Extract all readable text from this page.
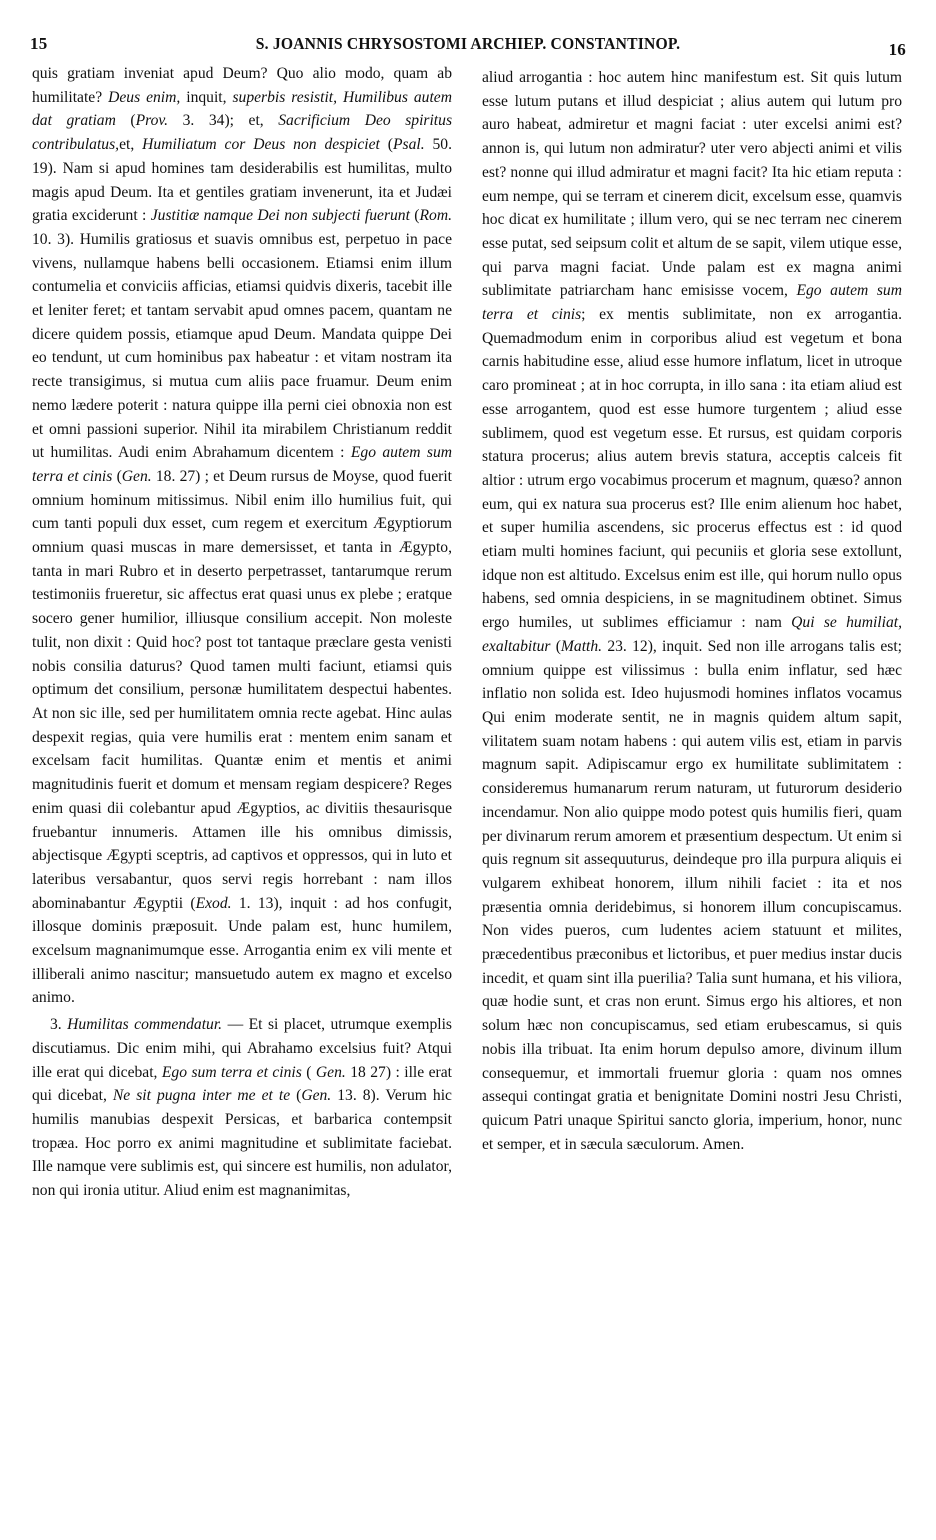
15	S. JOANNIS CHRYSOSTOMI ARCHIEP. CONSTANTINOP.	16

quis gratiam inveniat apud Deum? Quo alio modo, quam ab humilitate? Deus enim, inquit, superbis resistit, Humilibus autem dat gratiam (Prov. 3. 34); et, Sacrificium Deo spiritus contribulatus,et, Humiliatum cor Deus non despiciet (Psal. 50. 19). Nam si apud homines tam desiderabilis est humilitas, multo magis apud Deum. Ita et gentiles gratiam invenerunt, ita et Judæi gratia exciderunt : Justitiæ namque Dei non subjecti fuerunt (Rom. 10. 3). Humilis gratiosus et suavis omnibus est, perpetuo in pace vivens, nullamque habens belli occasionem. Etiamsi enim illum contumelia et conviciis afficias, etiamsi quidvis dixeris, tacebit ille et leniter feret; et tantam servabit apud omnes pacem, quantam ne dicere quidem possis, etiamque apud Deum. Mandata quippe Dei eo tendunt, ut cum hominibus pax habeatur : et vitam nostram ita recte transigimus, si mutua cum aliis pace fruamur. Deum enim nemo lædere poterit : natura quippe illa perni ciei obnoxia non est et omni passioni superior. Nihil ita mirabilem Christianum reddit ut humilitas. Audi enim Abrahamum dicentem : Ego autem sum terra et cinis (Gen. 18. 27) ; et Deum rursus de Moyse, quod fuerit omnium hominum mitissimus. Nibil enim illo humilius fuit, qui cum tanti populi dux esset, cum regem et exercitum Ægyptiorum omnium quasi muscas in mare demersisset, et tanta in Ægypto, tanta in mari Rubro et in deserto perpetrasset, tantarumque rerum testimoniis frueretur, sic affectus erat quasi unus ex plebe ; eratque socero gener humilior, illiusque consilium accepit. Non moleste tulit, non dixit : Quid hoc? post tot tantaque præclare gesta venisti nobis consilia daturus? Quod tamen multi faciunt, etiamsi quis optimum det consilium, personæ humilitatem despectui habentes. At non sic ille, sed per humilitatem omnia recte agebat. Hinc aulas despexit regias, quia vere humilis erat : mentem enim sanam et excelsam facit humilitas. Quantæ enim et mentis et animi magnitudinis fuerit et domum et mensam regiam despicere? Reges enim quasi dii colebantur apud Ægyptios, ac divitiis thesaurisque fruebantur innumeris. Attamen ille his omnibus dimissis, abjectisque Ægypti sceptris, ad captivos et oppressos, qui in luto et lateribus versabantur, quos servi regis horrebant : nam illos abominabantur Ægyptii (Exod. 1. 13), inquit : ad hos confugit, illosque dominis præposuit. Unde palam est, hunc humilem, excelsum magnanimumque esse. Arrogantia enim ex vili mente et illiberali animo nascitur; mansuetudo autem ex magno et excelso animo.

3. Humilitas commendatur. — Et si placet, utrumque exemplis discutiamus. Dic enim mihi, qui Abrahamo excelsius fuit? Atqui ille erat qui dicebat, Ego sum terra et cinis ( Gen. 18 27) : ille erat qui dicebat, Ne sit pugna inter me et te (Gen. 13. 8). Verum hic humilis manubias despexit Persicas, et barbarica contempsit tropæa. Hoc porro ex animi magnitudine et sublimitate faciebat. Ille namque vere sublimis est, qui sincere est humilis, non adulator, non qui ironia utitur. Aliud enim est magnanimitas,

aliud arrogantia : hoc autem hinc manifestum est. Sit quis lutum esse lutum putans et illud despiciat ; alius autem qui lutum pro auro habeat, admiretur et magni faciat : uter excelsi animi est? annon is, qui lutum non admiratur? uter vero abjecti animi et vilis est? nonne qui illud admiratur et magni facit? Ita hic etiam reputa : eum nempe, qui se terram et cinerem dicit, excelsum esse, quamvis hoc dicat ex humilitate ; illum vero, qui se nec terram nec cinerem esse putat, sed seipsum colit et altum de se sapit, vilem utique esse, qui parva magni faciat. Unde palam est ex magna animi sublimitate patriarcham hanc emisisse vocem, Ego autem sum terra et cinis; ex mentis sublimitate, non ex arrogantia. Quemadmodum enim in corporibus aliud est vegetum et bona carnis habitudine esse, aliud esse humore inflatum, licet in utroque caro promineat ; at in hoc corrupta, in illo sana : ita etiam aliud est esse arrogantem, quod est esse humore turgentem ; aliud esse sublimem, quod est vegetum esse. Et rursus, est quidam corporis statura procerus; alius autem brevis statura, acceptis calceis fit altior : utrum ergo vocabimus procerum et magnum, quæso? annon eum, qui ex natura sua procerus est? Ille enim alienum hoc habet, et super humilia ascendens, sic procerus effectus est : id quod etiam multi homines faciunt, qui pecuniis et gloria sese extollunt, idque non est altitudo. Excelsus enim est ille, qui horum nullo opus habens, sed omnia despiciens, in se magnitudinem obtinet. Simus ergo humiles, ut sublimes efficiamur : nam Qui se humiliat, exaltabitur (Matth. 23. 12), inquit. Sed non ille arrogans talis est; omnium quippe est vilissimus : bulla enim inflatur, sed hæc inflatio non solida est. Ideo hujusmodi homines inflatos vocamus Qui enim moderate sentit, ne in magnis quidem altum sapit, vilitatem suam notam habens : qui autem vilis est, etiam in parvis magnum sapit. Adipiscamur ergo ex humilitate sublimitatem : consideremus humanarum rerum naturam, ut futurorum desiderio incendamur. Non alio quippe modo potest quis humilis fieri, quam per divinarum rerum amorem et præsentium despectum. Ut enim si quis regnum sit assequuturus, deindeque pro illa purpura aliquis ei vulgarem exhibeat honorem, illum nihili faciet : ita et nos præsentia omnia deridebimus, si honorem illum concupiscamus. Non vides pueros, cum ludentes aciem statuunt et milites, præcedentibus præconibus et lictoribus, et puer medius instar ducis incedit, et quam sint illa puerilia? Talia sunt humana, et his viliora, quæ hodie sunt, et cras non erunt. Simus ergo his altiores, et non solum hæc non concupiscamus, sed etiam erubescamus, si quis nobis illa tribuat. Ita enim horum depulso amore, divinum illum consequemur, et immortali fruemur gloria : quam nos omnes assequi contingat gratia et benignitate Domini nostri Jesu Christi, quicum Patri unaque Spiritui sancto gloria, imperium, honor, nunc et semper, et in sæcula sæculorum. Amen.
